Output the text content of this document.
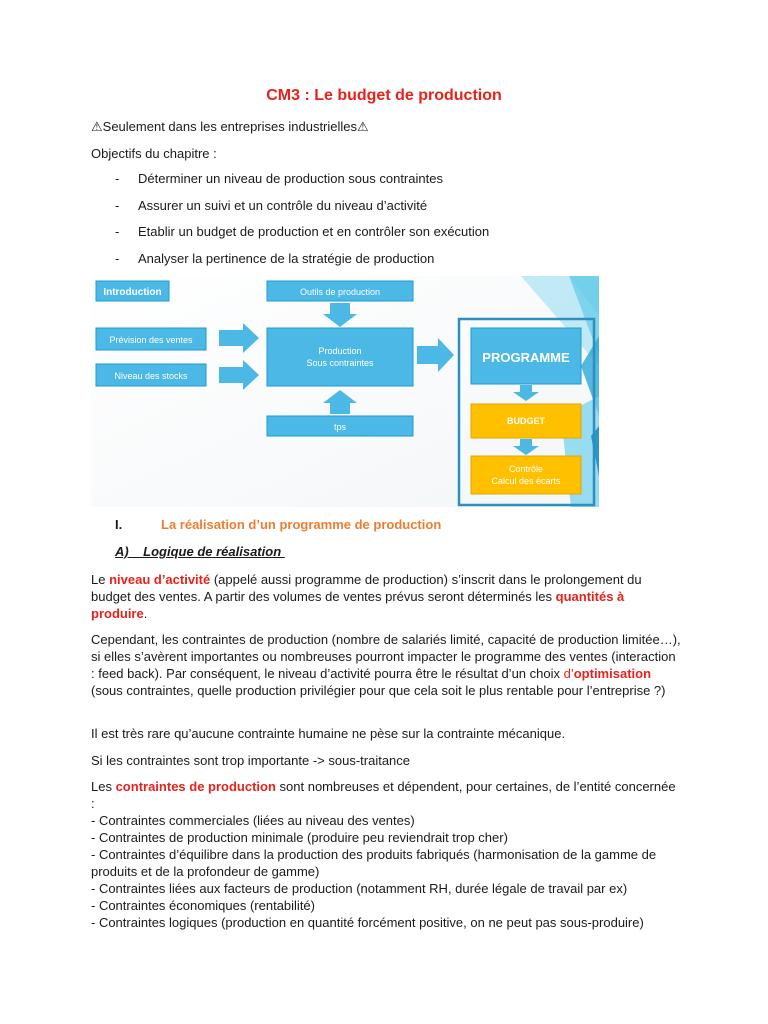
CM3 : Le budget de production
⚠Seulement dans les entreprises industrielles⚠
Objectifs du chapitre :
- Déterminer un niveau de production sous contraintes
- Assurer un suivi et un contrôle du niveau d’activité
- Etablir un budget de production et en contrôler son exécution
- Analyser la pertinence de la stratégie de production
Introduction	Outils de production
Prévision des ventes
Niveau des stocks
Production
Sous contraintes
tps
PROGRAMME
BUDGET
Contrôle
Calcul des écarts
I.	La réalisation d’un programme de production
A)    Logique de réalisation
Le niveau d’activité (appelé aussi programme de production) s’inscrit dans le prolongement du budget des ventes. A partir des volumes de ventes prévus seront déterminés les quantités à produire.
Cependant, les contraintes de production (nombre de salariés limité, capacité de production limitée…), si elles s’avèrent importantes ou nombreuses pourront impacter le programme des ventes (interaction : feed back). Par conséquent, le niveau d’activité pourra être le résultat d’un choix d’optimisation (sous contraintes, quelle production privilégier pour que cela soit le plus rentable pour l’entreprise ?)
Il est très rare qu’aucune contrainte humaine ne pèse sur la contrainte mécanique.
Si les contraintes sont trop importante -> sous-traitance
Les contraintes de production sont nombreuses et dépendent, pour certaines, de l’entité concernée :
- Contraintes commerciales (liées au niveau des ventes)
- Contraintes de production minimale (produire peu reviendrait trop cher)
- Contraintes d’équilibre dans la production des produits fabriqués (harmonisation de la gamme de produits et de la profondeur de gamme)
- Contraintes liées aux facteurs de production (notamment RH, durée légale de travail par ex)
- Contraintes économiques (rentabilité)
- Contraintes logiques (production en quantité forcément positive, on ne peut pas sous-produire)
